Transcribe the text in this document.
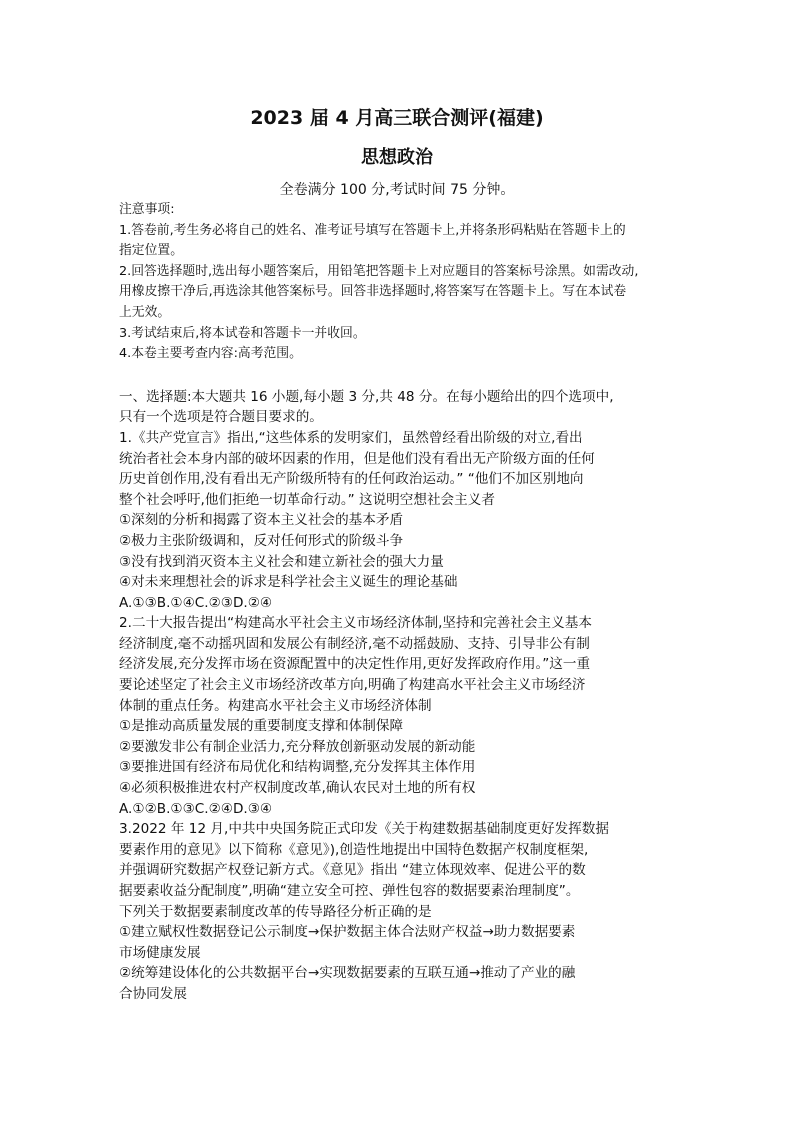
2023 届 4 月高三联合测评(福建)
思想政治
全卷满分 100 分,考试时间 75 分钟。

注意事项:

1.答卷前,考生务必将自己的姓名、准考证号填写在答题卡上,并将条形码粘贴在答题卡上的

指定位置。

2.回答选择题时,选出每小题答案后，用铅笔把答题卡上对应题目的答案标号涂黑。如需改动,

用橡皮擦干净后,再选涂其他答案标号。回答非选择题时,将答案写在答题卡上。写在本试卷

上无效。

3.考试结束后,将本试卷和答题卡一并收回。

4.本卷主要考查内容:高考范围。

一、选择题:本大题共 16 小题,每小题 3 分,共 48 分。在每小题给出的四个选项中,

只有一个选项是符合题目要求的。

1.《共产党宣言》指出,“这些体系的发明家们，虽然曾经看出阶级的对立,看出

统治者社会本身内部的破坏因素的作用，但是他们没有看出无产阶级方面的任何

历史首创作用,没有看出无产阶级所特有的任何政治运动。” “他们不加区别地向

整个社会呼吁,他们拒绝一切革命行动。” 这说明空想社会主义者

①深刻的分析和揭露了资本主义社会的基本矛盾

②极力主张阶级调和，反对任何形式的阶级斗争

③没有找到消灭资本主义社会和建立新社会的强大力量

④对未来理想社会的诉求是科学社会主义诞生的理论基础

A.①③B.①④C.②③D.②④

2.二十大报告提出“构建高水平社会主义市场经济体制,坚持和完善社会主义基本

经济制度,毫不动摇巩固和发展公有制经济,毫不动摇鼓励、支持、引导非公有制

经济发展,充分发挥市场在资源配置中的决定性作用,更好发挥政府作用。”这一重

要论述坚定了社会主义市场经济改革方向,明确了构建高水平社会主义市场经济

体制的重点任务。构建高水平社会主义市场经济体制

①是推动高质量发展的重要制度支撑和体制保障

②要激发非公有制企业活力,充分释放创新驱动发展的新动能

③要推进国有经济布局优化和结构调整,充分发挥其主体作用

④必须积极推进农村产权制度改革,确认农民对土地的所有权

A.①②B.①③C.②④D.③④

3.2022 年 12 月,中共中央国务院正式印发《关于构建数据基础制度更好发挥数据

要素作用的意见》以下简称《意见》),创造性地提出中国特色数据产权制度框架,

并强调研究数据产权登记新方式。《意见》指出 “建立体现效率、促进公平的数

据要素收益分配制度”,明确“建立安全可控、弹性包容的数据要素治理制度”。

下列关于数据要素制度改革的传导路径分析正确的是

①建立赋权性数据登记公示制度→保护数据主体合法财产权益→助力数据要素

市场健康发展

②统筹建设体化的公共数据平台→实现数据要素的互联互通→推动了产业的融

合协同发展
